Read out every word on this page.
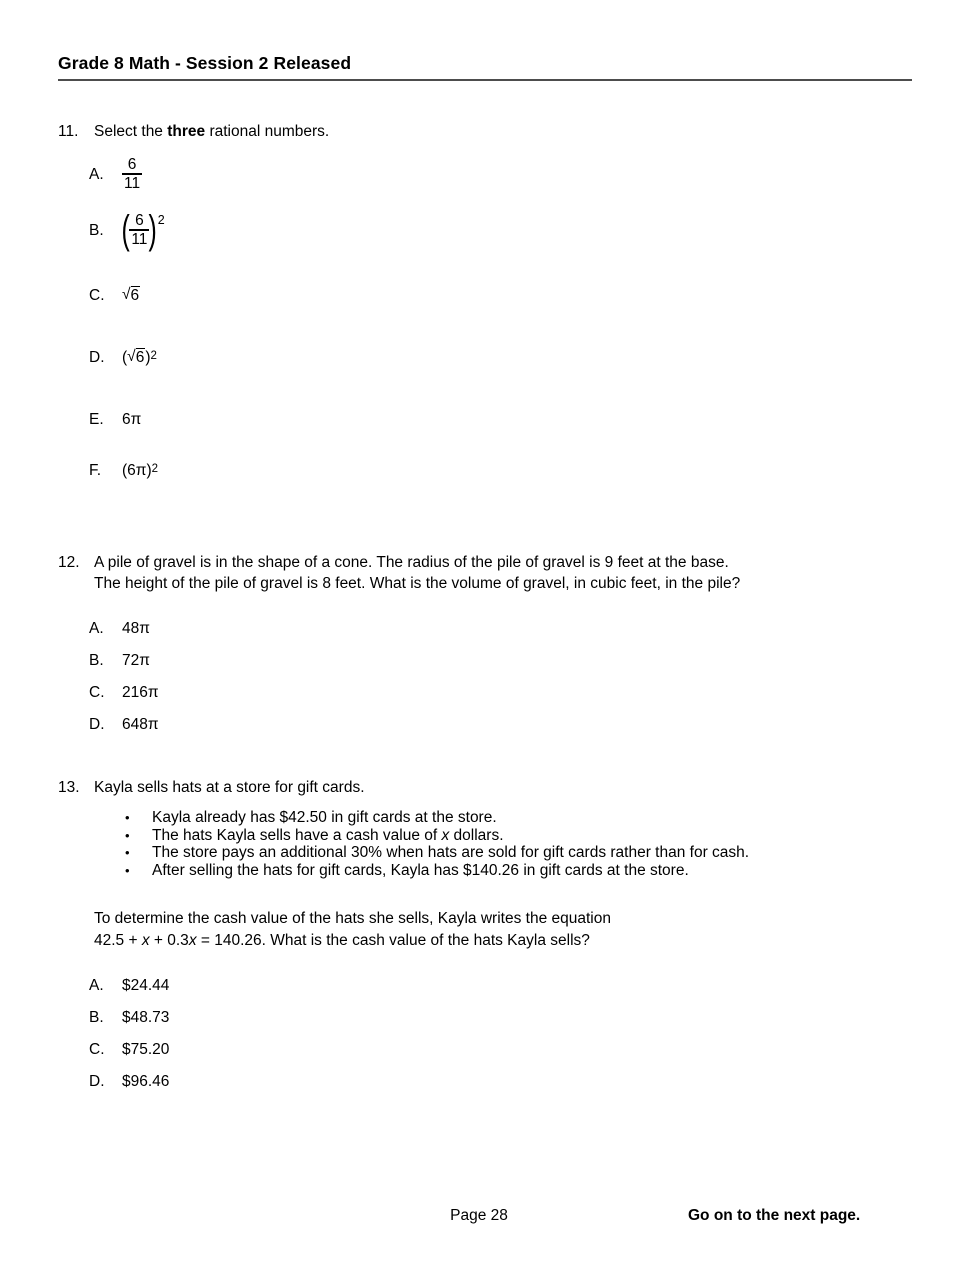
Grade 8 Math - Session 2 Released
11.	Select the three rational numbers.
A.	$\frac{6}{11}$
B. ( $\frac{6}{11}$ ) 2
C.	√ 6
D.	( √ 6 ) 2
E.	6π
F.	(6π) 2
12. A pile of gravel is in the shape of a cone. The radius of the pile of gravel is 9 feet at the base.
The height of the pile of gravel is 8 feet. What is the volume of gravel, in cubic feet, in the pile?
A.	48π
B.	72π
C.	216π
D.	648π
13. Kayla sells hats at a store for gift cards.
•	Kayla already has $42.50 in gift cards at the store.
•	The hats Kayla sells have a cash value of x dollars.
•	The store pays an additional 30% when hats are sold for gift cards rather than for cash.
•	After selling the hats for gift cards, Kayla has $140.26 in gift cards at the store.
To determine the cash value of the hats she sells, Kayla writes the equation
42.5 + x + 0.3x = 140.26. What is the cash value of the hats Kayla sells?
A.	$24.44
B.	$48.73
C.	$75.20
D.	$96.46
Page 28	Go on to the next page.
